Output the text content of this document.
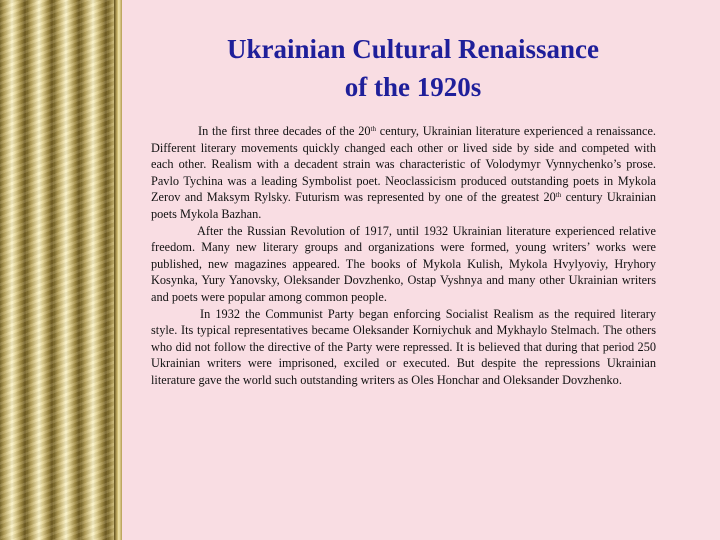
Ukrainian Cultural Renaissance
of the 1920s

In the first three decades of the 20th century, Ukrainian literature experienced a renaissance. Different literary movements quickly changed each other or lived side by side and competed with each other. Realism with a decadent strain was characteristic of Volodymyr Vynnychenko’s prose. Pavlo Tychina was a leading Symbolist poet. Neoclassicism produced outstanding poets in Mykola Zerov and Maksym Rylsky. Futurism was represented by one of the greatest 20th century Ukrainian poets Mykola Bazhan.

After the Russian Revolution of 1917, until 1932 Ukrainian literature experienced relative freedom. Many new literary groups and organizations were formed, young writers’ works were published, new magazines appeared. The books of Mykola Kulish, Mykola Hvylyoviy, Hryhory Kosynka, Yury Yanovsky, Oleksander Dovzhenko, Ostap Vyshnya and many other Ukrainian writers and poets were popular among common people.

In 1932 the Communist Party began enforcing Socialist Realism as the required literary style. Its typical representatives became Oleksander Korniychuk and Mykhaylo Stelmach. The others who did not follow the directive of the Party were repressed. It is believed that during that period 250 Ukrainian writers were imprisoned, exciled or executed. But despite the repressions Ukrainian literature gave the world such outstanding writers as Oles Honchar and Oleksander Dovzhenko.
